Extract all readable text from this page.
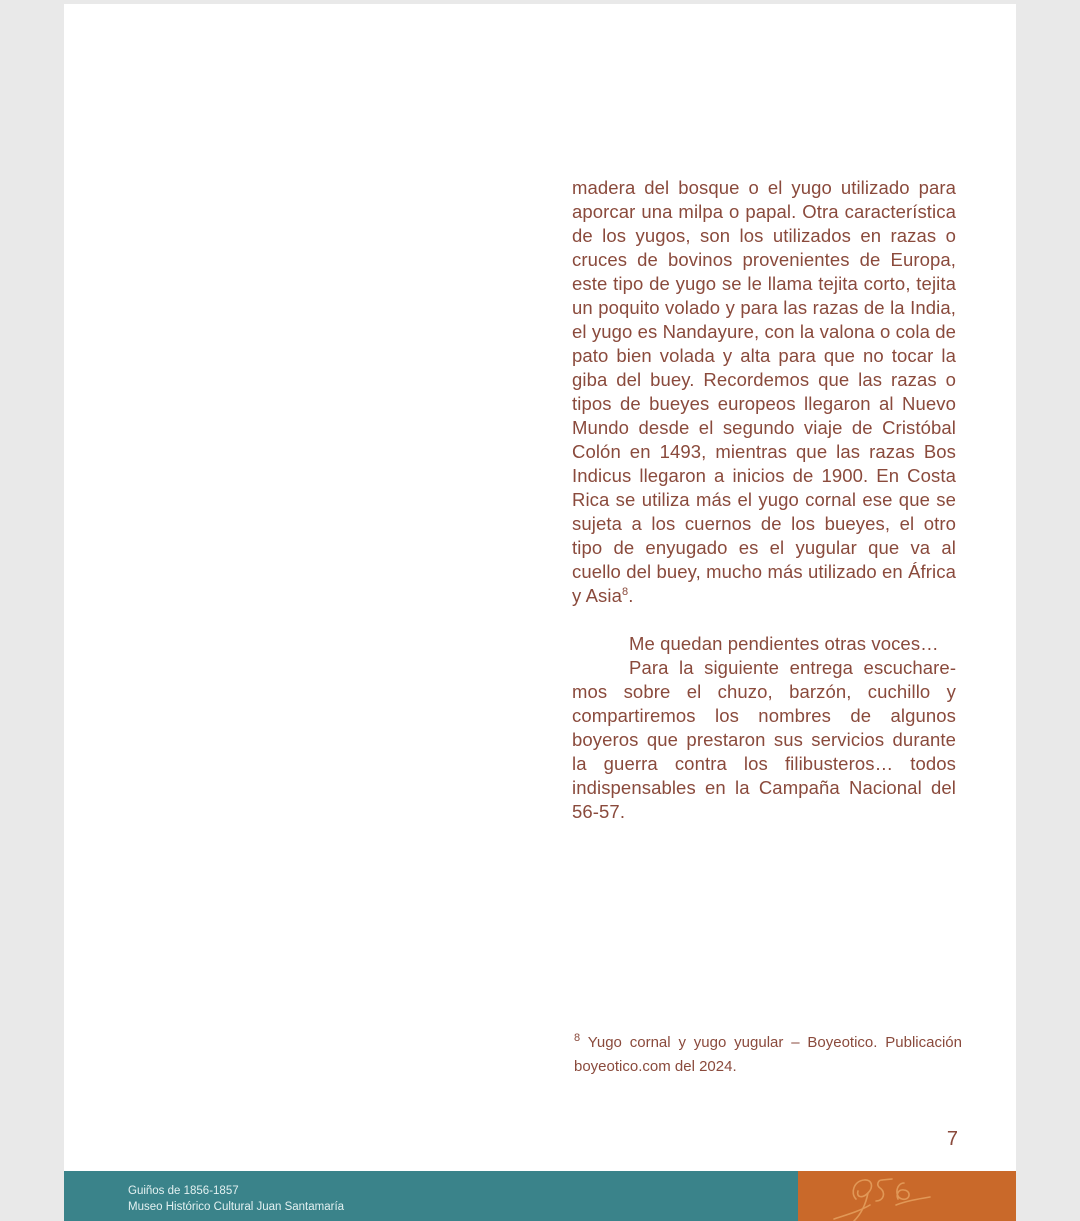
madera del bosque o el yugo utilizado para aporcar una milpa o papal. Otra característica de los yugos, son los utilizados en razas o cruces de bovinos provenientes de Europa, este tipo de yugo se le llama tejita corto, tejita un poquito volado y para las razas de la India, el yugo es Nandayure, con la valona o cola de pato bien volada y alta para que no tocar la giba del buey. Recordemos que las razas o tipos de bueyes europeos llegaron al Nuevo Mundo desde el segundo viaje de Cristóbal Colón en 1493, mientras que las razas Bos Indicus llegaron a inicios de 1900. En Costa Rica se utiliza más el yugo cornal ese que se sujeta a los cuernos de los bueyes, el otro tipo de enyugado es el yugular que va al cuello del buey, mucho más utilizado en África y Asia$^8$.

Me quedan pendientes otras voces…

Para la siguiente entrega escucharemos sobre el chuzo, barzón, cuchillo y compartiremos los nombres de algunos boyeros que prestaron sus servicios durante la guerra contra los filibusteros… todos indispensables en la Campaña Nacional del 56-57.

$^8$ Yugo cornal y yugo yugular – Boyeotico. Publicación boyeotico.com del 2024.
7
Guiños de 1856-1857
Museo Histórico Cultural Juan Santamaría
